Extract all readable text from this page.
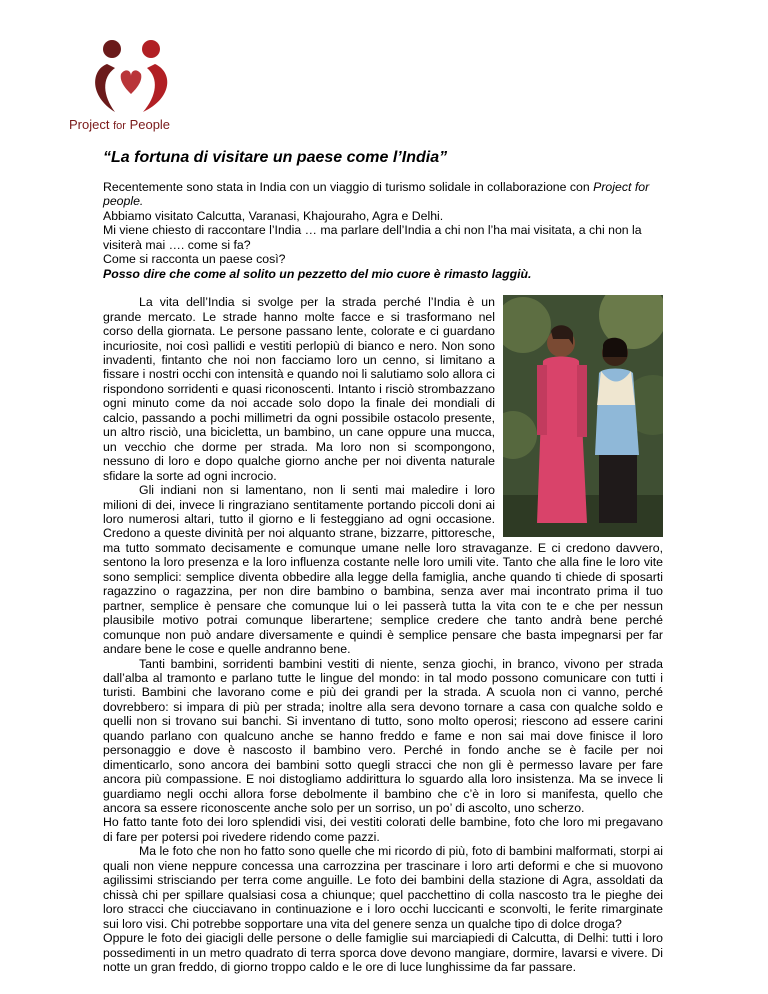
Project for People
“La fortuna di visitare un paese come l’India”

Recentemente sono stata in India con un viaggio di turismo solidale in collaborazione con Project for people.

Abbiamo visitato Calcutta, Varanasi, Khajouraho, Agra e Delhi.

Mi viene chiesto di raccontare l’India … ma parlare dell’India a chi non l’ha mai visitata, a chi non la visiterà mai …. come si fa?

Come si racconta un paese così?

Posso dire che come al solito un pezzetto del mio cuore è rimasto laggiù.

La vita dell’India si svolge per la strada perché l’India è un grande mercato. Le strade hanno molte facce e si trasformano nel corso della giornata. Le persone passano lente, colorate e ci guardano incuriosite, noi così pallidi e vestiti perlopiù di bianco e nero. Non sono invadenti, fintanto che noi non facciamo loro un cenno, si limitano a fissare i nostri occhi con intensità e quando noi li salutiamo solo allora ci rispondono sorridenti e quasi riconoscenti. Intanto i risciò strombazzano ogni minuto come da noi accade solo dopo la finale dei mondiali di calcio, passando a pochi millimetri da ogni possibile ostacolo presente, un altro risciò, una bicicletta, un bambino, un cane oppure una mucca, un vecchio che dorme per strada. Ma loro non si scompongono, nessuno di loro e dopo qualche giorno anche per noi diventa naturale sfidare la sorte ad ogni incrocio.

Gli indiani non si lamentano, non li senti mai maledire i loro milioni di dei, invece li ringraziano sentitamente portando piccoli doni ai loro numerosi altari, tutto il giorno e li festeggiano ad ogni occasione. Credono a queste divinità per noi alquanto strane, bizzarre, pittoresche, ma tutto sommato decisamente e comunque umane nelle loro stravaganze. E ci credono davvero, sentono la loro presenza e la loro influenza costante nelle loro umili vite. Tanto che alla fine le loro vite sono semplici: semplice diventa obbedire alla legge della famiglia, anche quando ti chiede di sposarti ragazzino o ragazzina, per non dire bambino o bambina, senza aver mai incontrato prima il tuo partner, semplice è pensare che comunque lui o lei passerà tutta la vita con te e che per nessun plausibile motivo potrai comunque liberartene; semplice credere che tanto andrà bene perché comunque non può andare diversamente e quindi è semplice pensare che basta impegnarsi per far andare bene le cose e quelle andranno bene.

Tanti bambini, sorridenti bambini vestiti di niente, senza giochi, in branco, vivono per strada dall’alba al tramonto e parlano tutte le lingue del mondo: in tal modo possono comunicare con tutti i turisti. Bambini che lavorano come e più dei grandi per la strada. A scuola non ci vanno, perché dovrebbero: si impara di più per strada; inoltre alla sera devono tornare a casa con qualche soldo e quelli non si trovano sui banchi. Si inventano di tutto, sono molto operosi; riescono ad essere carini quando parlano con qualcuno anche se hanno freddo e fame e non sai mai dove finisce il loro personaggio e dove è nascosto il bambino vero. Perché in fondo anche se è facile per noi dimenticarlo, sono ancora dei bambini sotto quegli stracci che non gli è permesso lavare per fare ancora più compassione. E noi distogliamo addirittura lo sguardo alla loro insistenza. Ma se invece li guardiamo negli occhi allora forse debolmente il bambino che c’è in loro si manifesta, quello che ancora sa essere riconoscente anche solo per un sorriso, un po’ di ascolto, uno scherzo.

Ho fatto tante foto dei loro splendidi visi, dei vestiti colorati delle bambine, foto che loro mi pregavano di fare per potersi poi rivedere ridendo come pazzi.

Ma le foto che non ho fatto sono quelle che mi ricordo di più, foto di bambini malformati, storpi ai quali non viene neppure concessa una carrozzina per trascinare i loro arti deformi e che si muovono agilissimi strisciando per terra come anguille. Le foto dei bambini della stazione di Agra, assoldati da chissà chi per spillare qualsiasi cosa a chiunque; quel pacchettino di colla nascosto tra le pieghe dei loro stracci che ciucciavano in continuazione e i loro occhi luccicanti e sconvolti, le ferite rimarginate sui loro visi. Chi potrebbe sopportare una vita del genere senza un qualche tipo di dolce droga?

Oppure le foto dei giacigli delle persone o delle famiglie sui marciapiedi di Calcutta, di Delhi: tutti i loro possedimenti in un metro quadrato di terra sporca dove devono mangiare, dormire, lavarsi e vivere. Di notte un gran freddo, di giorno troppo caldo e le ore di luce lunghissime da far passare.
